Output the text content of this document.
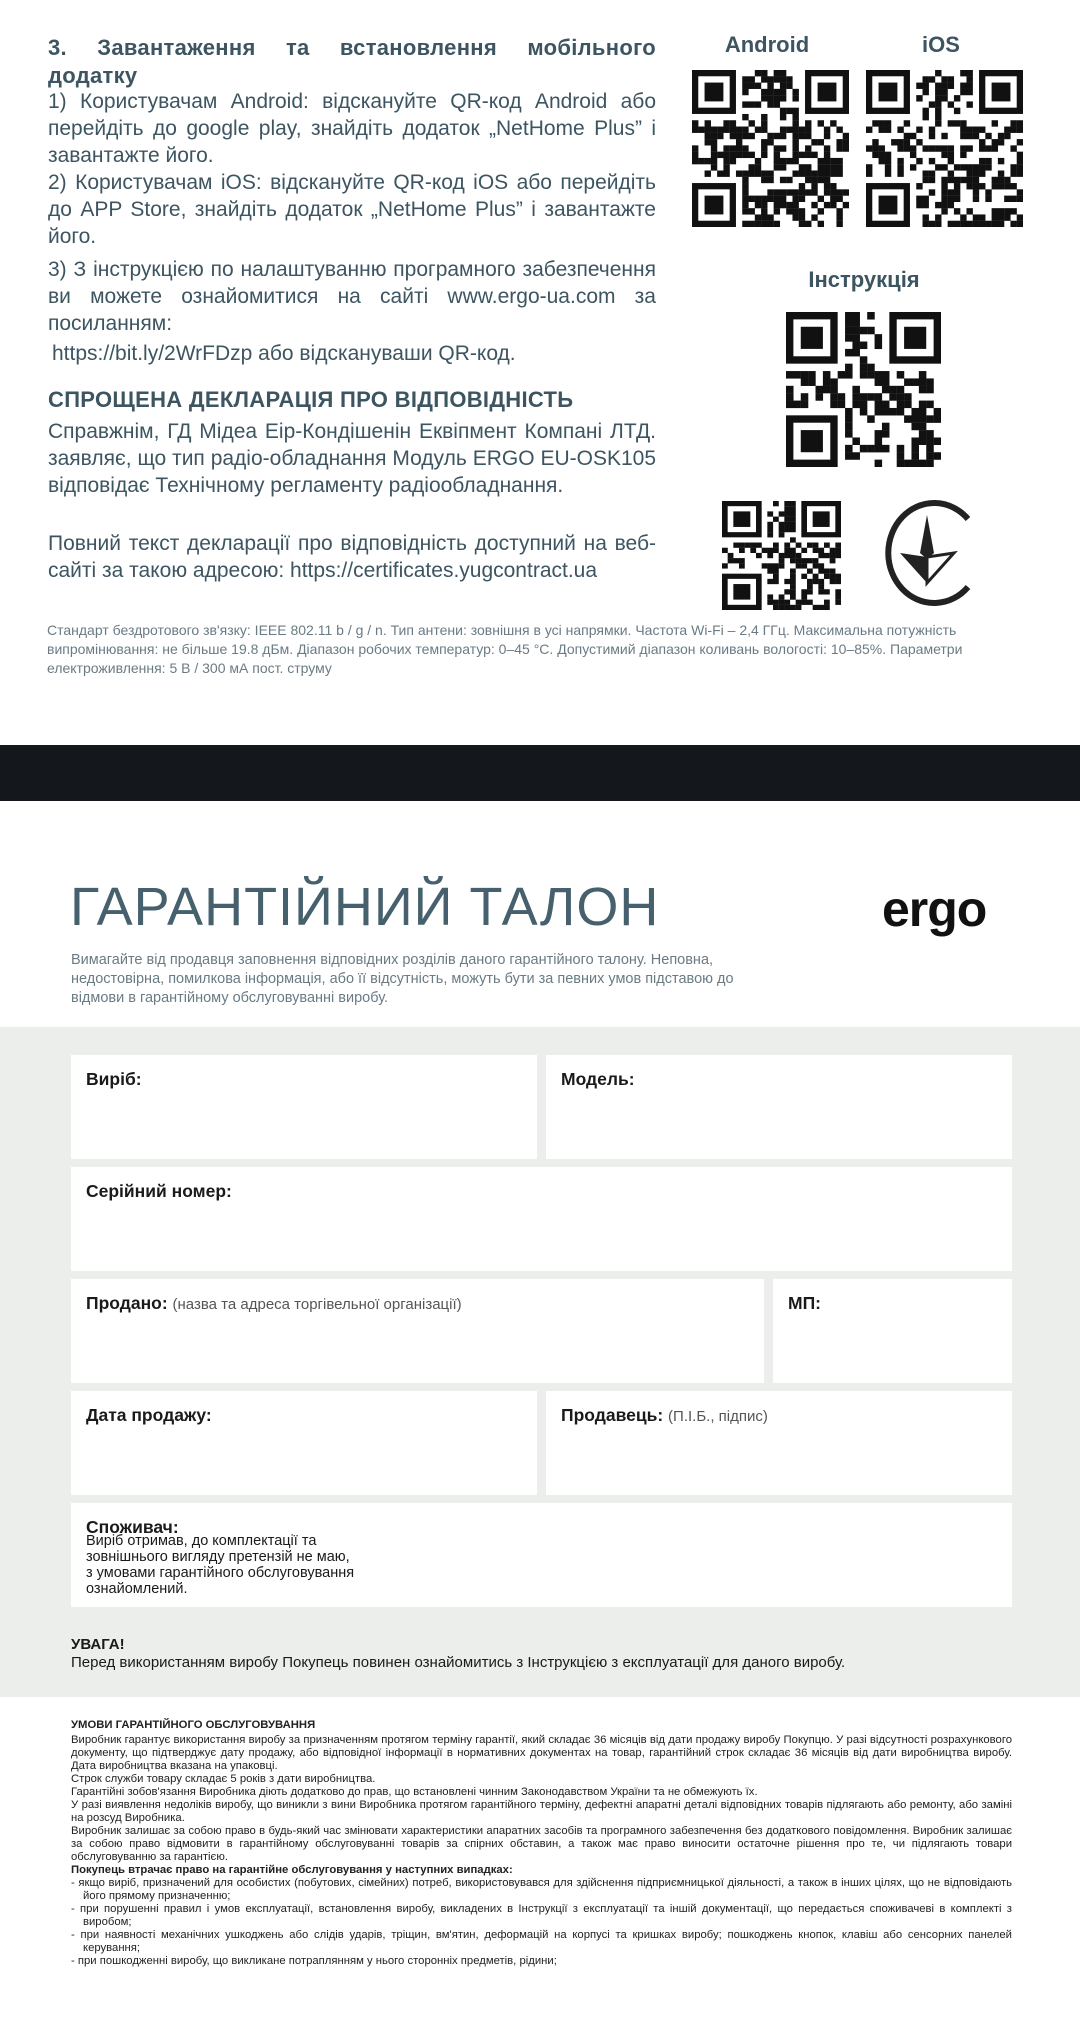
3. Завантаження та встановлення мобільного додатку
1) Користувачам Android: відскануйте QR-код Android або перейдіть до google play, знайдіть додаток „NetHome Plus” і завантажте його.
2) Користувачам iOS: відскануйте QR-код iOS або перейдіть до APP Store, знайдіть додаток „NetHome Plus” і завантажте його.
3) З інструкцією по налаштуванню програмного забезпечення ви можете ознайомитися на сайті www.ergo-ua.com за посиланням:
https://bit.ly/2WrFDzp або відскануваши QR-код.
СПРОЩЕНА ДЕКЛАРАЦІЯ ПРО ВІДПОВІДНІСТЬ
Справжнім, ГД Мідеа Еір-Кондішенін Еквіпмент Компані ЛТД. заявляє, що тип радіо-обладнання Модуль ERGO EU-OSK105 відповідає Технічному регламенту радіообладнання.
Повний текст декларації про відповідність доступний на веб-сайті за такою адресою: https://certificates.yugcontract.ua
Android	iOS
Інструкція
Стандарт бездротового зв'язку: IEEE 802.11 b / g / n. Тип антени: зовнішня в усі напрямки. Частота Wi-Fi – 2,4 ГГц. Максимальна потужність випромінювання: не більше 19.8 дБм. Діапазон робочих температур: 0–45 °C. Допустимий діапазон коливань вологості: 10–85%. Параметри електроживлення: 5 В / 300 мА пост. струму
ГАРАНТІЙНИЙ ТАЛОН	ergo
Вимагайте від продавця заповнення відповідних розділів даного гарантійного талону. Неповна, недостовірна, помилкова інформація, або її відсутність, можуть бути за певних умов підставою до відмови в гарантійному обслуговуванні виробу.
Виріб:	Модель:
Серійний номер:
Продано: (назва та адреса торгівельної організації)	МП:
Дата продажу:	Продавець: (П.І.Б., підпис)
Споживач:
Виріб отримав, до комплектації та зовнішнього вигляду претензій не маю, з умовами гарантійного обслуговування ознайомлений.
УВАГА!
Перед використанням виробу Покупець повинен ознайомитись з Інструкцією з експлуатації для даного виробу.

УМОВИ ГАРАНТІЙНОГО ОБСЛУГОВУВАННЯ

Виробник гарантує використання виробу за призначенням протягом терміну гарантії, який складає 36 місяців від дати продажу виробу Покупцю. У разі відсутності розрахункового документу, що підтверджує дату продажу, або відповідної інформації в нормативних документах на товар, гарантійний строк складає 36 місяців від дати виробництва виробу. Дата виробництва вказана на упаковці.

Строк служби товару складає 5 років з дати виробництва.

Гарантійні зобов'язання Виробника діють додатково до прав, що встановлені чинним Законодавством України та не обмежують їх.

У разі виявлення недоліків виробу, що виникли з вини Виробника протягом гарантійного терміну, дефектні апаратні деталі відповідних товарів підлягають або ремонту, або заміні на розсуд Виробника.

Виробник залишає за собою право в будь-який час змінювати характеристики апаратних засобів та програмного забезпечення без додаткового повідомлення. Виробник залишає за собою право відмовити в гарантійному обслуговуванні товарів за спірних обставин, а також має право виносити остаточне рішення про те, чи підлягають товари обслуговуванню за гарантією.

Покупець втрачає право на гарантійне обслуговування у наступних випадках:

- якщо виріб, призначений для особистих (побутових, сімейних) потреб, використовувався для здійснення підприємницької діяльності, а також в інших цілях, що не відповідають його прямому призначенню;

- при порушенні правил і умов експлуатації, встановлення виробу, викладених в Інструкції з експлуатації та іншій документації, що передається споживачеві в комплекті з виробом;

- при наявності механічних ушкоджень або слідів ударів, тріщин, вм'ятин, деформацій на корпусі та кришках виробу; пошкоджень кнопок, клавіш або сенсорних панелей керування;

- при пошкодженні виробу, що викликане потраплянням у нього сторонніх предметів, рідини;
